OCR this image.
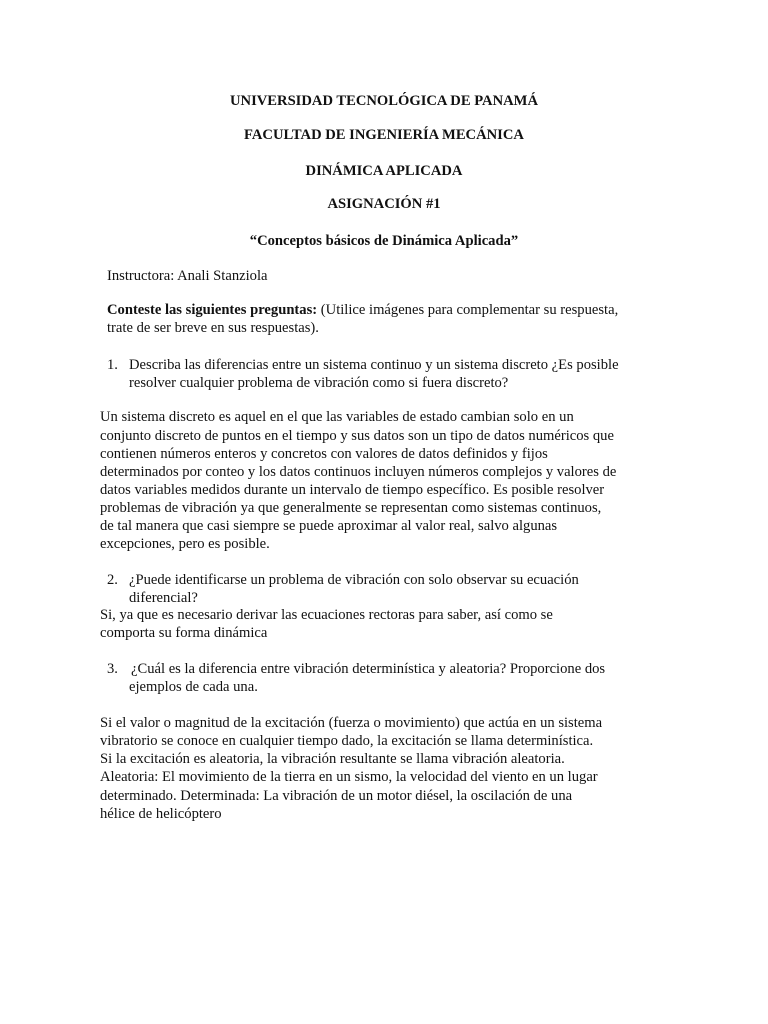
UNIVERSIDAD TECNOLÓGICA DE PANAMÁ
FACULTAD DE INGENIERÍA MECÁNICA
DINÁMICA APLICADA
ASIGNACIÓN #1
“Conceptos básicos de Dinámica Aplicada”
Instructora: Anali Stanziola
Conteste las siguientes preguntas: (Utilice imágenes para complementar su respuesta,
trate de ser breve en sus respuestas).
1. Describa las diferencias entre un sistema continuo y un sistema discreto ¿Es posible
resolver cualquier problema de vibración como si fuera discreto?
Un sistema discreto es aquel en el que las variables de estado cambian solo en un
conjunto discreto de puntos en el tiempo y sus datos son un tipo de datos numéricos que
contienen números enteros y concretos con valores de datos definidos y fijos
determinados por conteo y los datos continuos incluyen números complejos y valores de
datos variables medidos durante un intervalo de tiempo específico. Es posible resolver
problemas de vibración ya que generalmente se representan como sistemas continuos,
de tal manera que casi siempre se puede aproximar al valor real, salvo algunas
excepciones, pero es posible.
2. ¿Puede identificarse un problema de vibración con solo observar su ecuación
diferencial?
Si, ya que es necesario derivar las ecuaciones rectoras para saber, así como se
comporta su forma dinámica
3. ¿Cuál es la diferencia entre vibración determinística y aleatoria? Proporcione dos
ejemplos de cada una.
Si el valor o magnitud de la excitación (fuerza o movimiento) que actúa en un sistema
vibratorio se conoce en cualquier tiempo dado, la excitación se llama determinística.
Si la excitación es aleatoria, la vibración resultante se llama vibración aleatoria.
Aleatoria: El movimiento de la tierra en un sismo, la velocidad del viento en un lugar
determinado. Determinada: La vibración de un motor diésel, la oscilación de una
hélice de helicóptero
